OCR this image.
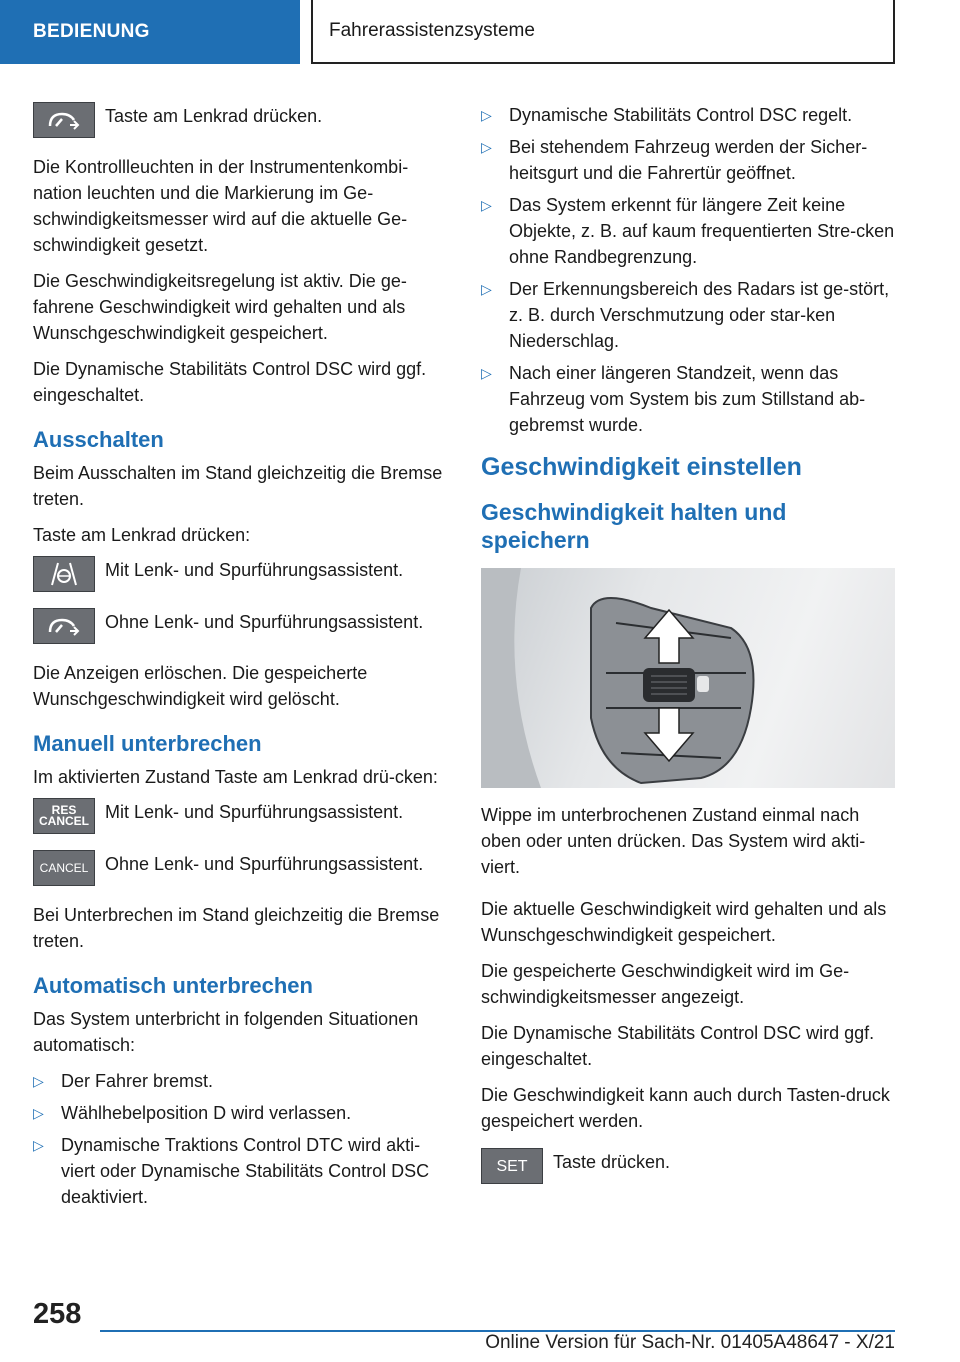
BEDIENUNG	Fahrerassistenzsysteme
Taste am Lenkrad drücken.

Die Kontrollleuchten in der Instrumentenkombi-nation leuchten und die Markierung im Ge-schwindigkeitsmesser wird auf die aktuelle Ge-schwindigkeit gesetzt.

Die Geschwindigkeitsregelung ist aktiv. Die ge-fahrene Geschwindigkeit wird gehalten und als Wunschgeschwindigkeit gespeichert.

Die Dynamische Stabilitäts Control DSC wird ggf. eingeschaltet.

Ausschalten

Beim Ausschalten im Stand gleichzeitig die Bremse treten.

Taste am Lenkrad drücken:

Mit Lenk- und Spurführungsassistent.
Ohne Lenk- und Spurführungsassistent.

Die Anzeigen erlöschen. Die gespeicherte Wunschgeschwindigkeit wird gelöscht.

Manuell unterbrechen

Im aktivierten Zustand Taste am Lenkrad drü-cken:

RES CANCEL Mit Lenk- und Spurführungsassistent.
CANCEL Ohne Lenk- und Spurführungsassistent.

Bei Unterbrechen im Stand gleichzeitig die Bremse treten.

Automatisch unterbrechen

Das System unterbricht in folgenden Situationen automatisch:

▷ Der Fahrer bremst.
▷ Wählhebelposition D wird verlassen.
▷ Dynamische Traktions Control DTC wird akti-viert oder Dynamische Stabilitäts Control DSC deaktiviert.
▷ Dynamische Stabilitäts Control DSC regelt.
▷ Bei stehendem Fahrzeug werden der Sicher-heitsgurt und die Fahrertür geöffnet.
▷ Das System erkennt für längere Zeit keine Objekte, z. B. auf kaum frequentierten Stre-cken ohne Randbegrenzung.
▷ Der Erkennungsbereich des Radars ist ge-stört, z. B. durch Verschmutzung oder star-ken Niederschlag.
▷ Nach einer längeren Standzeit, wenn das Fahrzeug vom System bis zum Stillstand ab-gebremst wurde.
Geschwindigkeit einstellen
Geschwindigkeit halten und speichern

Wippe im unterbrochenen Zustand einmal nach oben oder unten drücken. Das System wird akti-viert.

Die aktuelle Geschwindigkeit wird gehalten und als Wunschgeschwindigkeit gespeichert.

Die gespeicherte Geschwindigkeit wird im Ge-schwindigkeitsmesser angezeigt.

Die Dynamische Stabilitäts Control DSC wird ggf. eingeschaltet.

Die Geschwindigkeit kann auch durch Tasten-druck gespeichert werden.

SET	Taste drücken.
258
Online Version für Sach-Nr. 01405A48647 - X/21
